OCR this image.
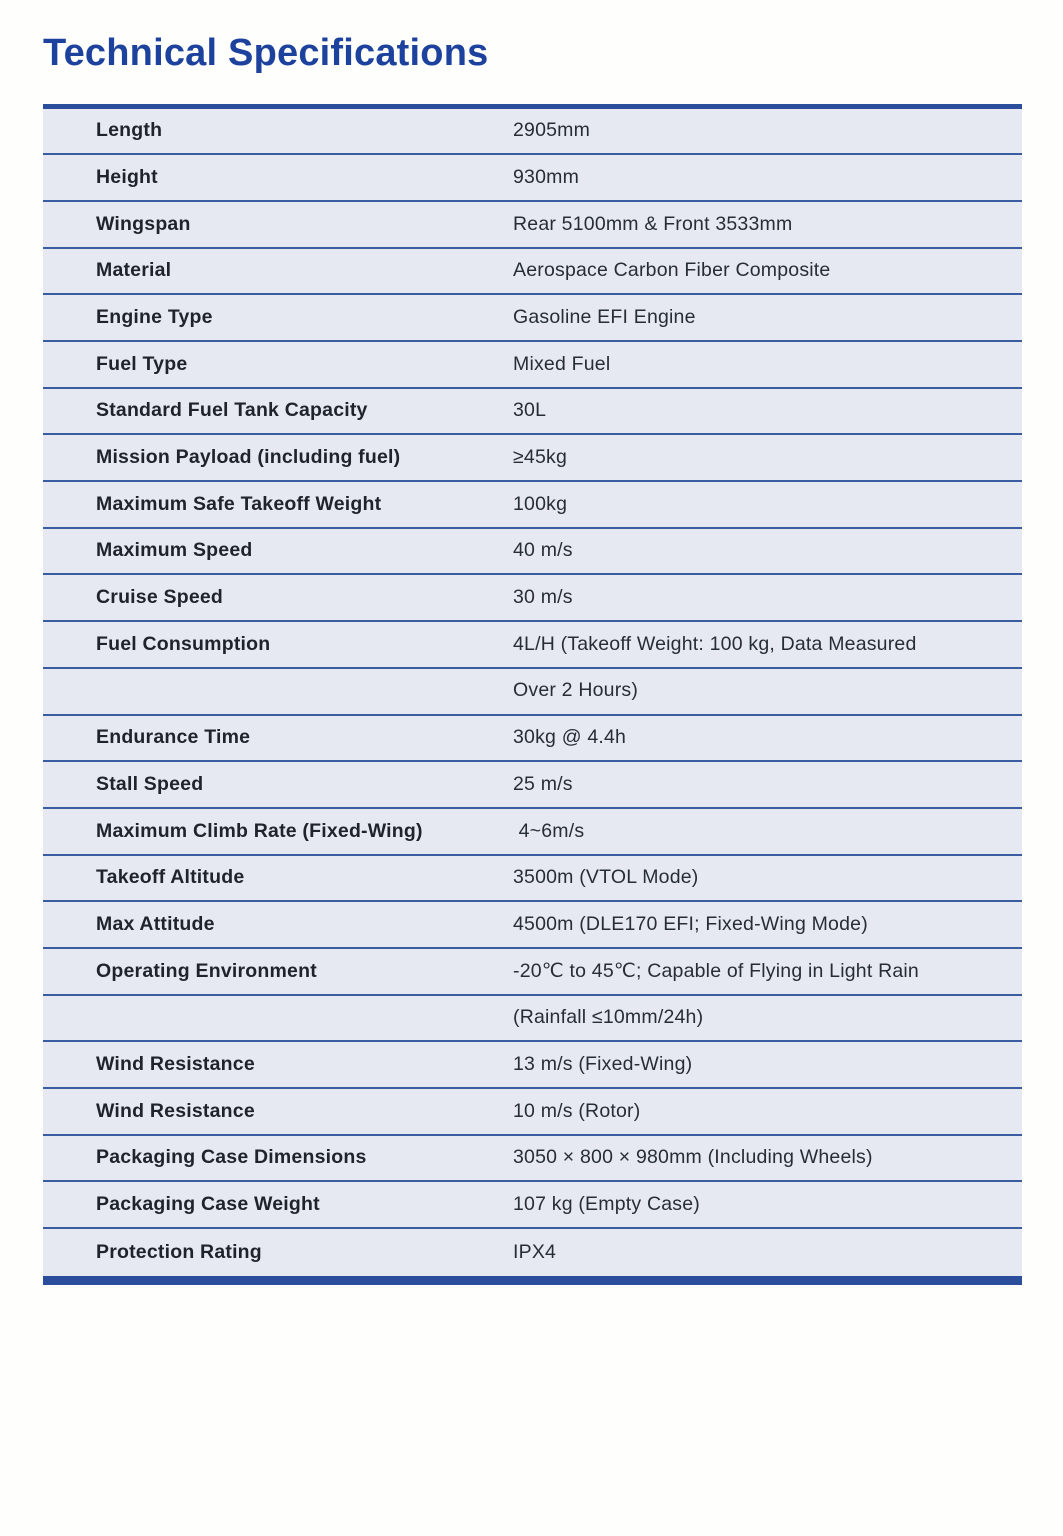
Technical Specifications
Length	2905mm
Height	930mm
Wingspan	Rear 5100mm & Front 3533mm
Material	Aerospace Carbon Fiber Composite
Engine Type	Gasoline EFI Engine
Fuel Type	Mixed Fuel
Standard Fuel Tank Capacity	30L
Mission Payload (including fuel)	≥45kg
Maximum Safe Takeoff Weight	100kg
Maximum Speed	40 m/s
Cruise Speed	30 m/s
Fuel Consumption	4L/H (Takeoff Weight: 100 kg, Data Measured
Over 2 Hours)
Endurance Time	30kg @ 4.4h
Stall Speed	25 m/s
Maximum Climb Rate (Fixed-Wing)	4~6m/s
Takeoff Altitude	3500m (VTOL Mode)
Max Attitude	4500m (DLE170 EFI; Fixed-Wing Mode)
Operating Environment	-20℃ to 45℃; Capable of Flying in Light Rain
(Rainfall ≤10mm/24h)
Wind Resistance	13 m/s (Fixed-Wing)
Wind Resistance	10 m/s (Rotor)
Packaging Case Dimensions	3050 × 800 × 980mm (Including Wheels)
Packaging Case Weight	107 kg (Empty Case)
Protection Rating	IPX4
